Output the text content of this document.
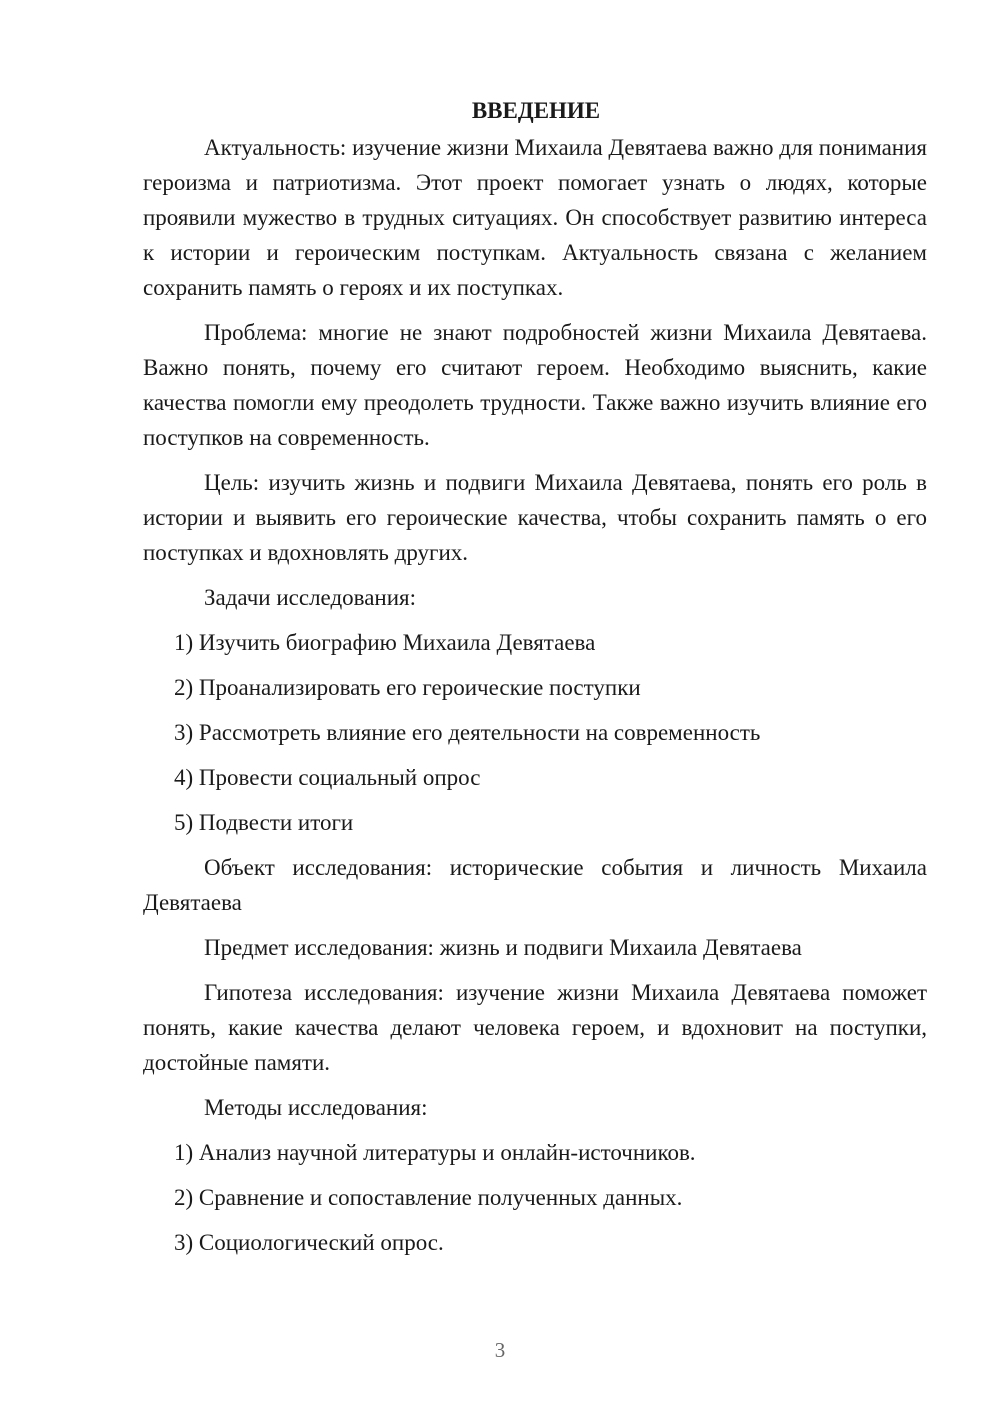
ВВЕДЕНИЕ

Актуальность: изучение жизни Михаила Девятаева важно для понимания героизма и патриотизма. Этот проект помогает узнать о людях, которые проявили мужество в трудных ситуациях. Он способствует развитию интереса к истории и героическим поступкам. Актуальность связана с желанием сохранить память о героях и их поступках.

Проблема: многие не знают подробностей жизни Михаила Девятаева. Важно понять, почему его считают героем. Необходимо выяснить, какие качества помогли ему преодолеть трудности. Также важно изучить влияние его поступков на современность.

Цель: изучить жизнь и подвиги Михаила Девятаева, понять его роль в истории и выявить его героические качества, чтобы сохранить память о его поступках и вдохновлять других.

Задачи исследования:

1) Изучить биографию Михаила Девятаева

2) Проанализировать его героические поступки

3) Рассмотреть влияние его деятельности на современность

4) Провести социальный опрос

5) Подвести итоги

Объект исследования: исторические события и личность Михаила Девятаева

Предмет исследования: жизнь и подвиги Михаила Девятаева

Гипотеза исследования: изучение жизни Михаила Девятаева поможет понять, какие качества делают человека героем, и вдохновит на поступки, достойные памяти.

Методы исследования:

1) Анализ научной литературы и онлайн-источников.

2) Сравнение и сопоставление полученных данных.

3) Социологический опрос.

3
